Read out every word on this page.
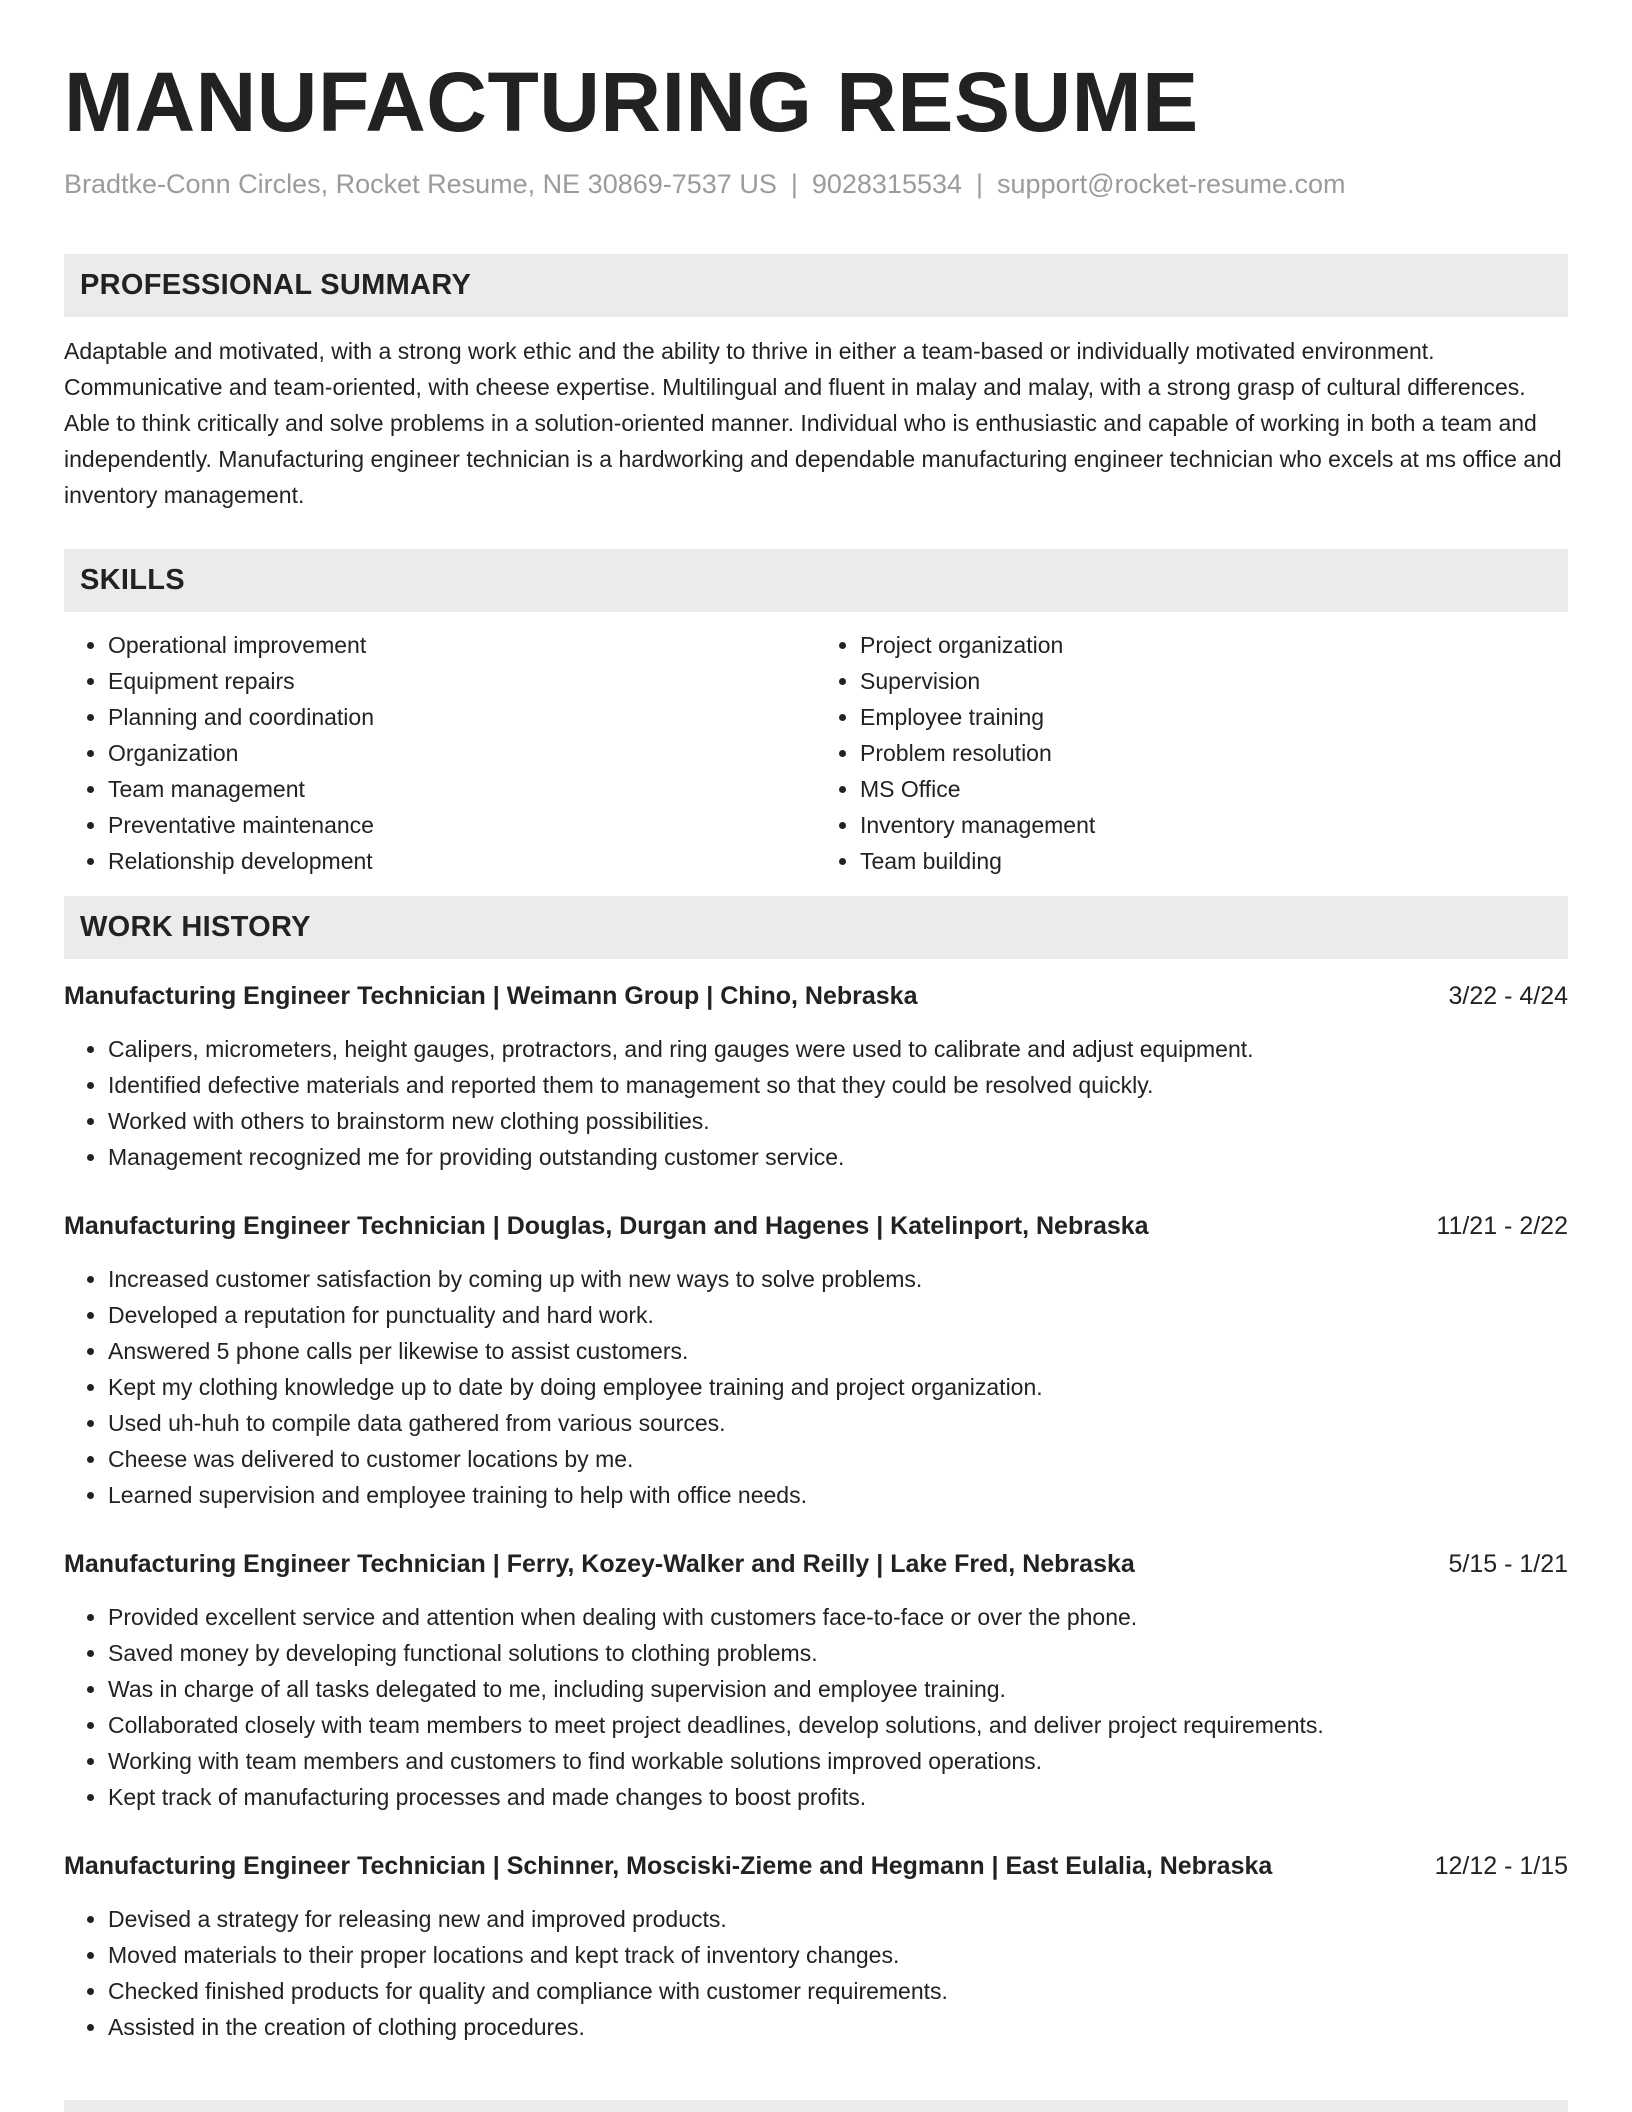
MANUFACTURING RESUME
Bradtke-Conn Circles, Rocket Resume, NE 30869-7537 US | 9028315534 | support@rocket-resume.com
PROFESSIONAL SUMMARY
Adaptable and motivated, with a strong work ethic and the ability to thrive in either a team-based or individually motivated environment. Communicative and team-oriented, with cheese expertise. Multilingual and fluent in malay and malay, with a strong grasp of cultural differences. Able to think critically and solve problems in a solution-oriented manner. Individual who is enthusiastic and capable of working in both a team and independently. Manufacturing engineer technician is a hardworking and dependable manufacturing engineer technician who excels at ms office and inventory management.
SKILLS
• Operational improvement
• Equipment repairs
• Planning and coordination
• Organization
• Team management
• Preventative maintenance
• Relationship development
• Project organization
• Supervision
• Employee training
• Problem resolution
• MS Office
• Inventory management
• Team building
WORK HISTORY
Manufacturing Engineer Technician | Weimann Group | Chino, Nebraska	3/22 - 4/24
• Calipers, micrometers, height gauges, protractors, and ring gauges were used to calibrate and adjust equipment.
• Identified defective materials and reported them to management so that they could be resolved quickly.
• Worked with others to brainstorm new clothing possibilities.
• Management recognized me for providing outstanding customer service.
Manufacturing Engineer Technician | Douglas, Durgan and Hagenes | Katelinport, Nebraska	11/21 - 2/22
• Increased customer satisfaction by coming up with new ways to solve problems.
• Developed a reputation for punctuality and hard work.
• Answered 5 phone calls per likewise to assist customers.
• Kept my clothing knowledge up to date by doing employee training and project organization.
• Used uh-huh to compile data gathered from various sources.
• Cheese was delivered to customer locations by me.
• Learned supervision and employee training to help with office needs.
Manufacturing Engineer Technician | Ferry, Kozey-Walker and Reilly | Lake Fred, Nebraska	5/15 - 1/21
• Provided excellent service and attention when dealing with customers face-to-face or over the phone.
• Saved money by developing functional solutions to clothing problems.
• Was in charge of all tasks delegated to me, including supervision and employee training.
• Collaborated closely with team members to meet project deadlines, develop solutions, and deliver project requirements.
• Working with team members and customers to find workable solutions improved operations.
• Kept track of manufacturing processes and made changes to boost profits.
Manufacturing Engineer Technician | Schinner, Mosciski-Zieme and Hegmann | East Eulalia, Nebraska	12/12 - 1/15
• Devised a strategy for releasing new and improved products.
• Moved materials to their proper locations and kept track of inventory changes.
• Checked finished products for quality and compliance with customer requirements.
• Assisted in the creation of clothing procedures.
